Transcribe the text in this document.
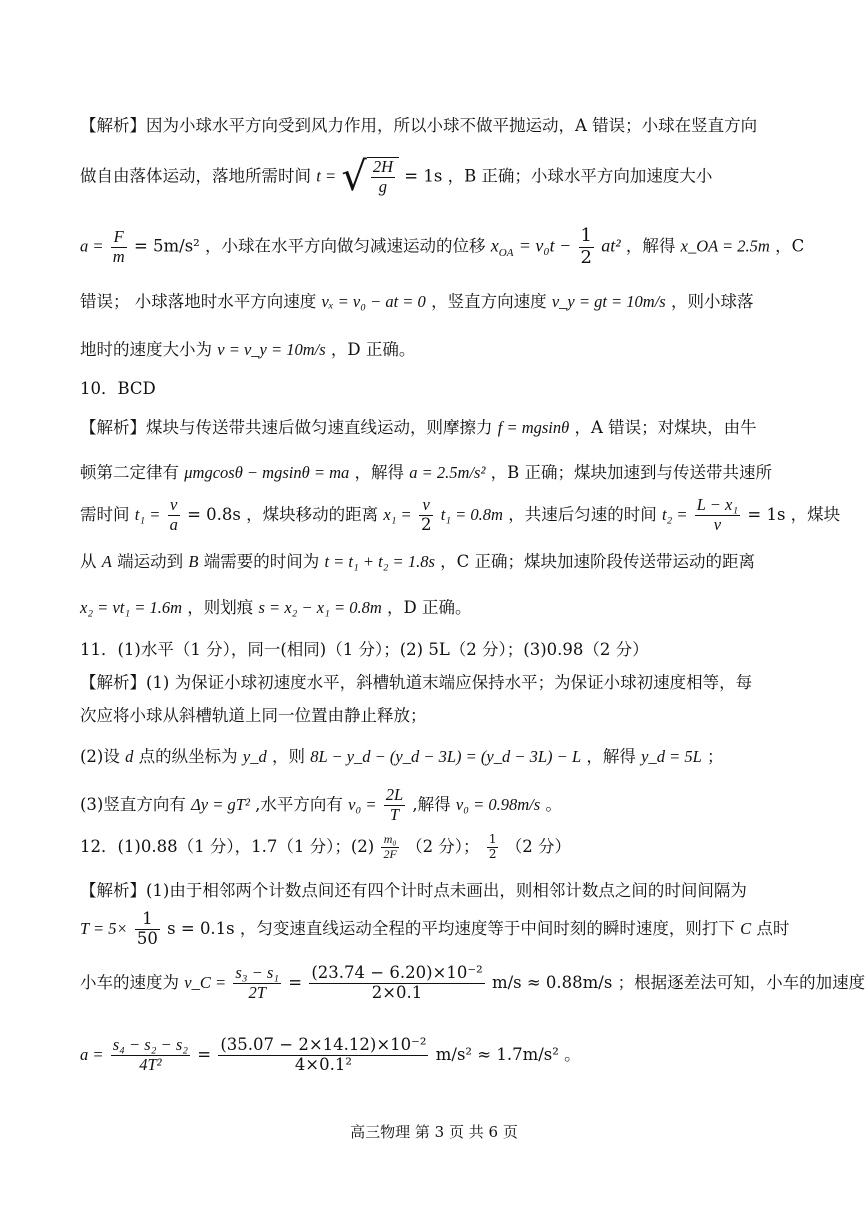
【解析】因为小球水平方向受到风力作用，所以小球不做平抛运动，A 错误；小球在竖直方向
做自由落体运动，落地所需时间 t = √ $\frac{2H}{g} = 1s$ ，B 正确；小球水平方向加速度大小
$a = \frac{F}{m} = 5m/s^2$ ，小球在水平方向做匀减速运动的位移 $x_{OA} = v_0t - \frac{1}{2} at^2$ ，解得 x_OA = 2.5m ，C
错误； 小球落地时水平方向速度 vₓ = v₀ − at = 0 ，竖直方向速度 v_y = gt = 10m/s ，则小球落
地时的速度大小为 v = v_y = 10m/s ，D 正确。
10．BCD
【解析】煤块与传送带共速后做匀速直线运动，则摩擦力 f = mgsinθ ，A 错误；对煤块，由牛
顿第二定律有 μmgcosθ − mgsinθ = ma ，解得 a = 2.5m/s² ，B 正确；煤块加速到与传送带共速所
需时间 $t_1 = \frac{v}{a} = 0.8s$ ，煤块移动的距离 $x_1 = \frac{v}{2} t_1 = 0.8m$ ，共速后匀速的时间 $t_2 = \frac{\text{L − x₁}}{v} = 1s$ ，煤块
从 A 端运动到 B 端需要的时间为 t = t₁ + t₂ = 1.8s ，C 正确；煤块加速阶段传送带运动的距离
x₂ = vt₁ = 1.6m ，则划痕 s = x₂ − x₁ = 0.8m ，D 正确。
11．(1)水平（1 分），同一(相同)（1 分）；(2) 5L（2 分）；(3)0.98（2 分）
【解析】(1) 为保证小球初速度水平，斜槽轨道末端应保持水平；为保证小球初速度相等，每
次应将小球从斜槽轨道上同一位置由静止释放；
(2)设 d 点的纵坐标为 y_d ，则 8L − y_d − (y_d − 3L) = (y_d − 3L) − L ，解得 y_d = 5L ；
(3)竖直方向有 Δy = gT² ,水平方向有 $v_0 = \frac{2L}{T}$ ,解得 v₀ = 0.98m/s 。
12．(1)0.88（1 分），1.7（1 分）；$(2) \frac{\text{m₀}}{2F} (2$ 分）； $\frac{1}{2} (2$ 分）
【解析】(1)由于相邻两个计数点间还有四个计时点未画出，则相邻计数点之间的时间间隔为
$T = 5\times \frac{1}{50}$ s = 0.1s ，匀变速直线运动全程的平均速度等于中间时刻的瞬时速度，则打下 C 点时
小车的速度为 v_C = $\frac{\text{s₃ − s₁}}{2T} = \frac{\text{(23.74 − 6.20)×10⁻²}}{2\times 0.1} m/s \approx 0.88m/s$ ；根据逐差法可知，小车的加速度
$a = \frac{\text{s₄ − s₂ − s₂}}{\text{4T²}} = \frac{\text{(35.07 − 2×14.12)×10⁻²}}{\text{4×0.1²}} m/s^2 \approx 1.7m/s^2$ 。
高三物理 第 3 页 共 6 页
